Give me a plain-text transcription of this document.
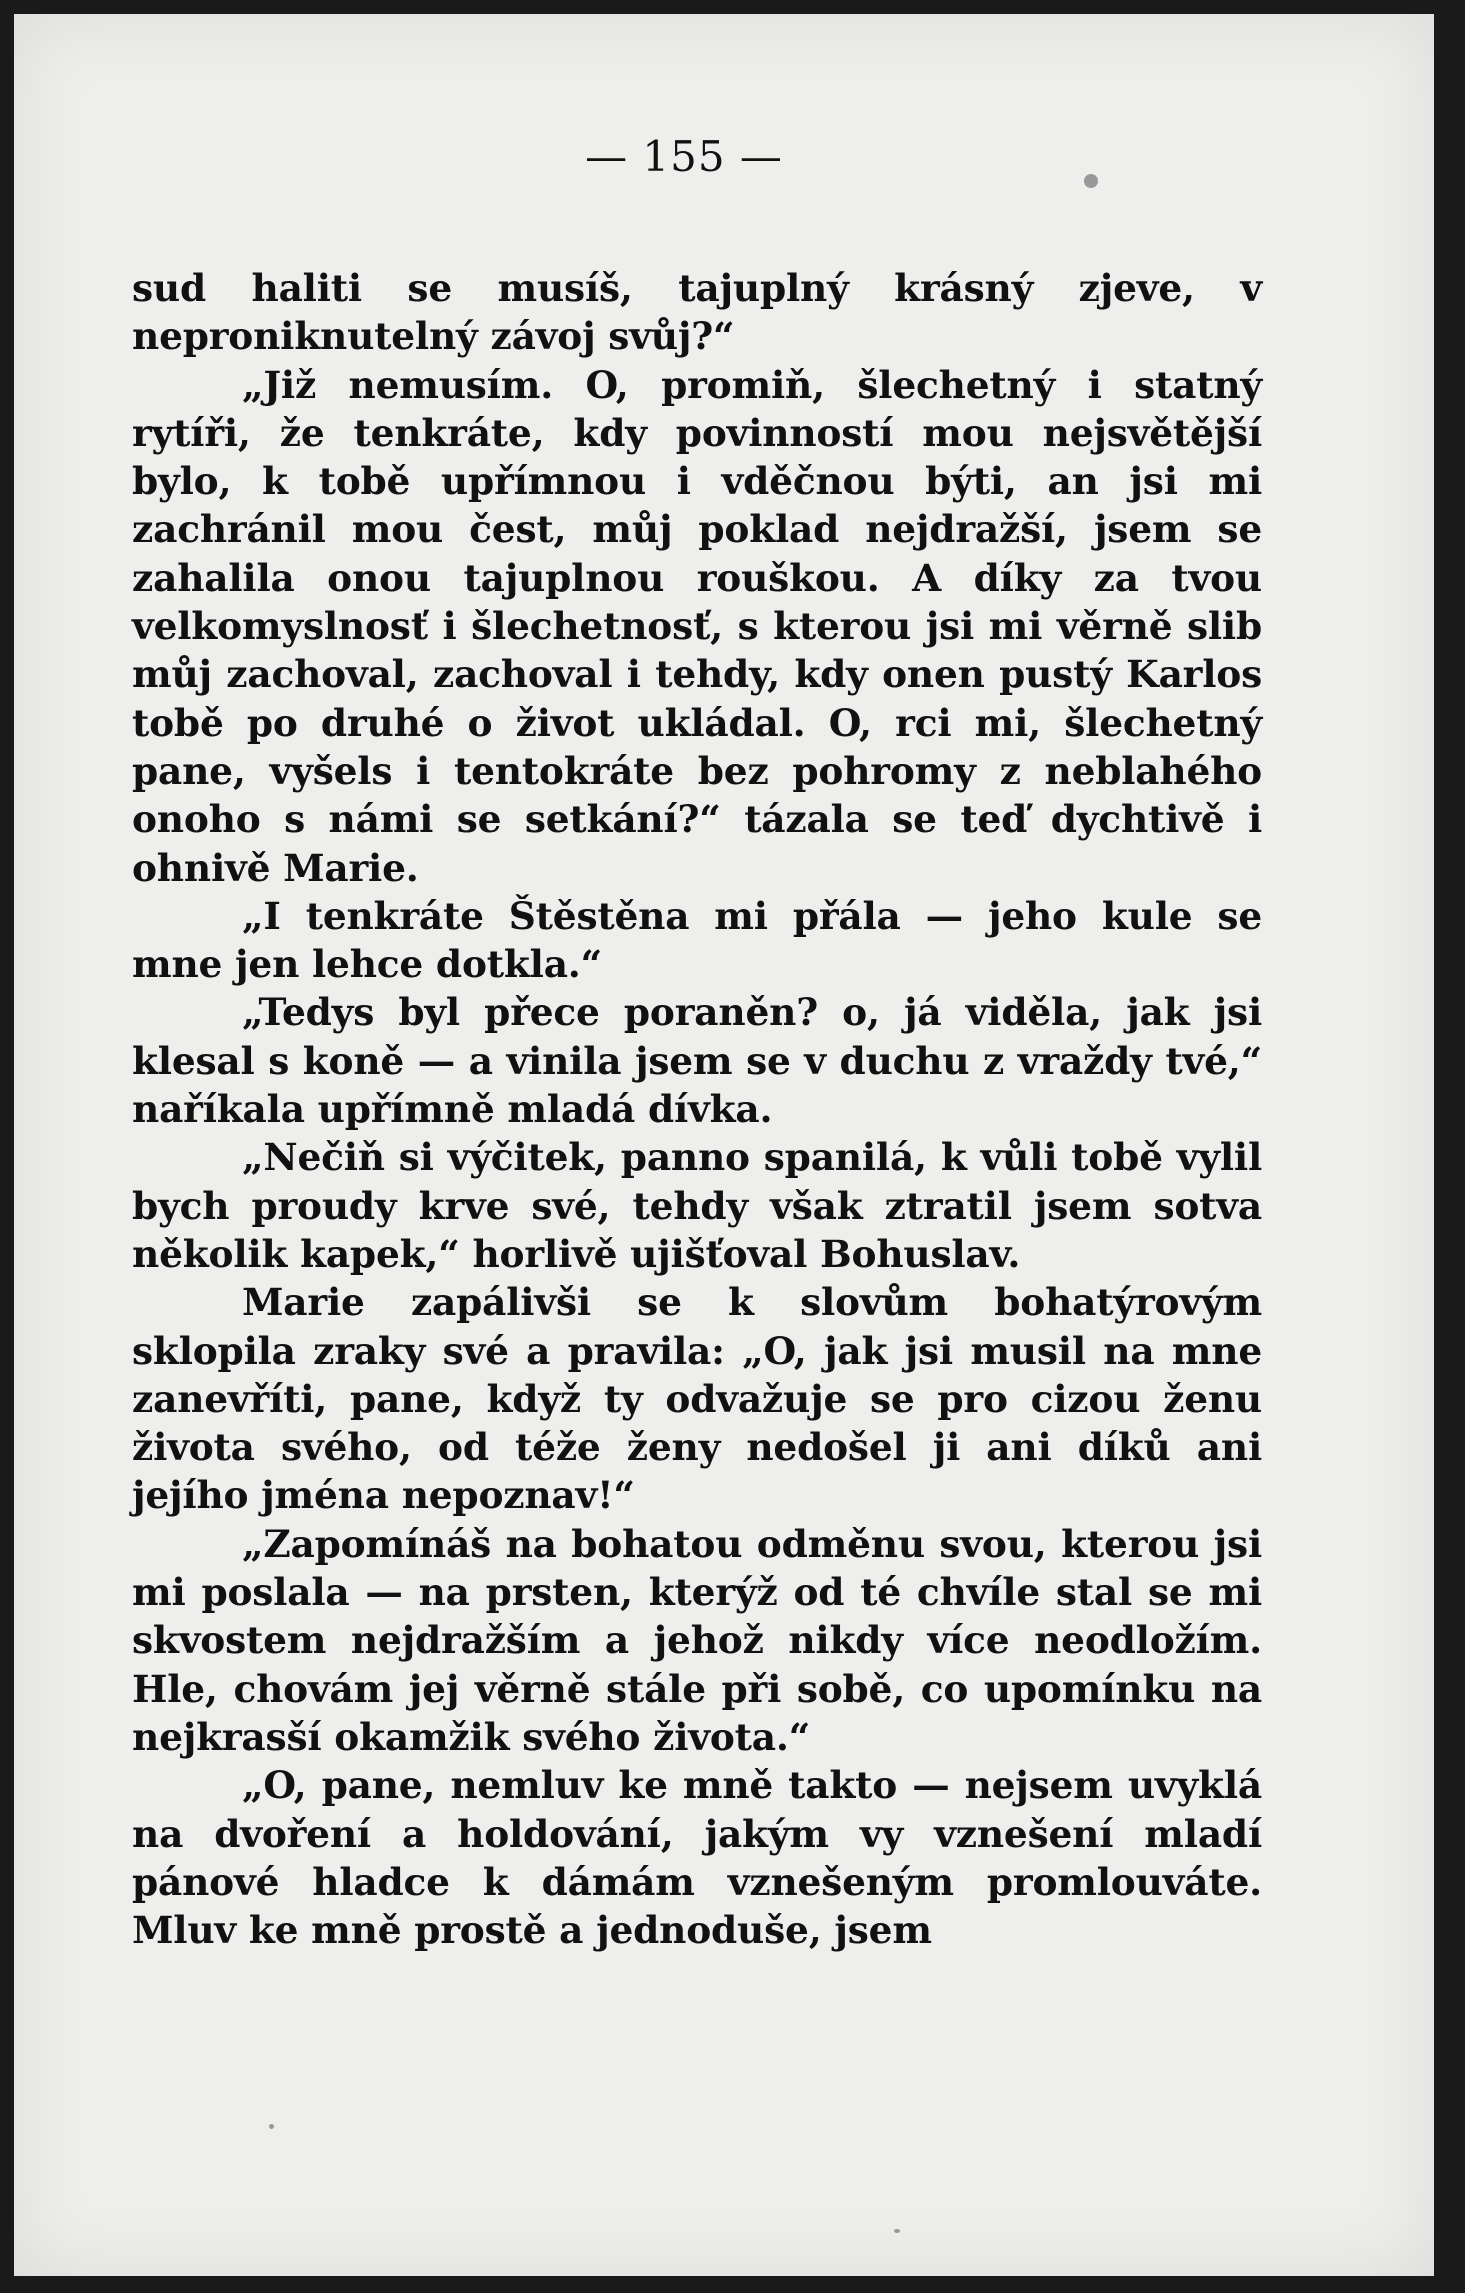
— 155 —

sud haliti se musíš, tajuplný krásný zjeve, v neproniknutelný závoj svůj?“

„Již nemusím. O, promiň, šlechetný i statný rytíři, že tenkráte, kdy povinností mou nejsvětější bylo, k tobě upřímnou i vděčnou býti, an jsi mi zachránil mou čest, můj poklad nejdražší, jsem se zahalila onou tajuplnou rouškou. A díky za tvou velkomyslnosť i šlechetnosť, s kterou jsi mi věrně slib můj zachoval, zachoval i tehdy, kdy onen pustý Karlos tobě po druhé o život ukládal. O, rci mi, šlechetný pane, vyšels i tentokráte bez pohromy z neblahého onoho s námi se setkání?“ tázala se teď dychtivě i ohnivě Marie.

„I tenkráte Štěstěna mi přála — jeho kule se mne jen lehce dotkla.“

„Tedys byl přece poraněn? o, já viděla, jak jsi klesal s koně — a vinila jsem se v duchu z vraždy tvé,“ naříkala upřímně mladá dívka.

„Nečiň si výčitek, panno spanilá, k vůli tobě vylil bych proudy krve své, tehdy však ztratil jsem sotva několik kapek,“ horlivě ujišťoval Bohuslav.

Marie zapálivši se k slovům bohatýrovým sklopila zraky své a pravila: „O, jak jsi musil na mne zanevříti, pane, když ty odvažuje se pro cizou ženu života svého, od téže ženy nedošel ji ani díků ani jejího jména nepoznav!“

„Zapomínáš na bohatou odměnu svou, kterou jsi mi poslala — na prsten, kterýž od té chvíle stal se mi skvostem nejdražším a jehož nikdy více neodložím. Hle, chovám jej věrně stále při sobě, co upomínku na nejkrasší okamžik svého života.“

„O, pane, nemluv ke mně takto — nejsem uvyklá na dvoření a holdování, jakým vy vznešení mladí pánové hladce k dámám vznešeným promlouváte. Mluv ke mně prostě a jednoduše, jsem
